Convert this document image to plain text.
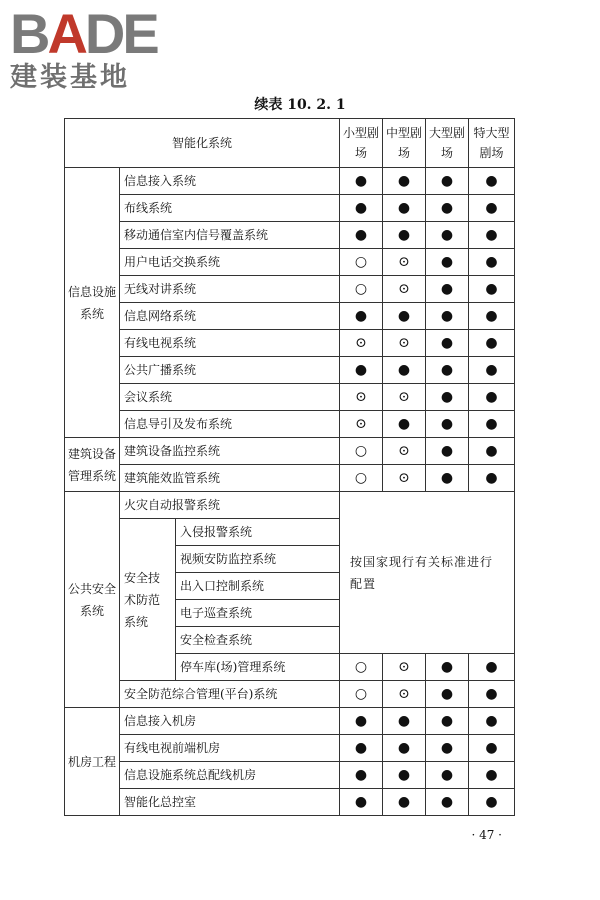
BADE
建装基地
续表 10. 2. 1
智能化系统			小型剧场	中型剧场	大型剧场	特大型剧场
信息设施系统	信息接入系统		●	●	●	●
	布线系统		●	●	●	●
	移动通信室内信号覆盖系统		●	●	●	●
	用户电话交换系统		○	⊙	●	●
	无线对讲系统		○	⊙	●	●
	信息网络系统		●	●	●	●
	有线电视系统		⊙	⊙	●	●
	公共广播系统		●	●	●	●
	会议系统		⊙	⊙	●	●
	信息导引及发布系统		⊙	●	●	●
建筑设备管理系统	建筑设备监控系统		○	⊙	●	●
	建筑能效监管系统		○	⊙	●	●
公共安全系统	火灾自动报警系统		按国家现行有关标准进行配置			
	安全技术防范系统	入侵报警系统				
		视频安防监控系统				
		出入口控制系统				
		电子巡查系统				
		安全检查系统				
		停车库(场)管理系统	○	⊙	●	●
	安全防范综合管理(平台)系统		○	⊙	●	●
机房工程	信息接入机房		●	●	●	●
	有线电视前端机房		●	●	●	●
	信息设施系统总配线机房		●	●	●	●
	智能化总控室		●	●	●	●
· 47 ·
